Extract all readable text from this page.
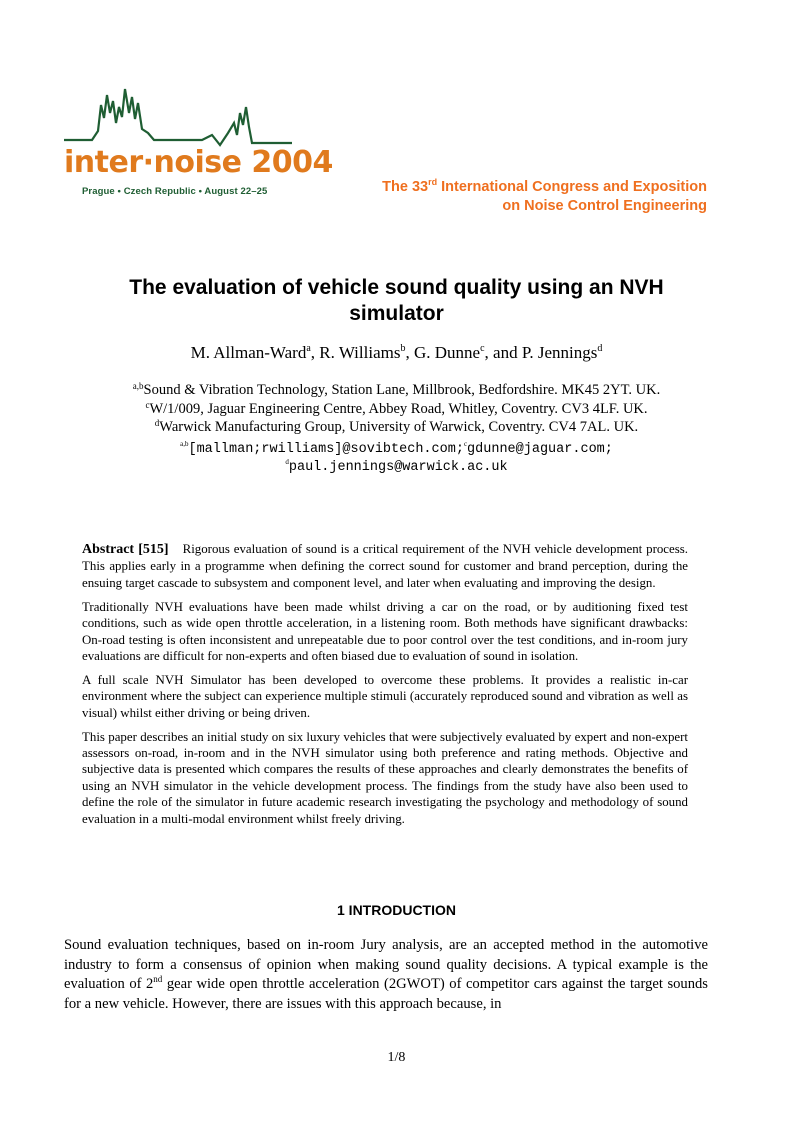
inter·noise 2004
Prague • Czech Republic • August 22–25	The 33rd International Congress and Exposition
on Noise Control Engineering
The evaluation of vehicle sound quality using an NVH
simulator
M. Allman-Ward$^a$, R. Williams$^b$, G. Dunne$^c$, and P. Jennings$^d$
$^{a,b}$Sound & Vibration Technology, Station Lane, Millbrook, Bedfordshire. MK45 2YT. UK.
$^c$W/1/009, Jaguar Engineering Centre, Abbey Road, Whitley, Coventry. CV3 4LF. UK.
$^d$Warwick Manufacturing Group, University of Warwick, Coventry. CV4 7AL. UK.
$^{a,b}$[mallman;rwilliams]@sovibtech.com;$^c$gdunne@jaguar.com;
$^d$paul.jennings@warwick.ac.uk

Abstract [515] Rigorous evaluation of sound is a critical requirement of the NVH vehicle development process. This applies early in a programme when defining the correct sound for customer and brand perception, during the ensuing target cascade to subsystem and component level, and later when evaluating and improving the design.

Traditionally NVH evaluations have been made whilst driving a car on the road, or by auditioning fixed test conditions, such as wide open throttle acceleration, in a listening room. Both methods have significant drawbacks: On-road testing is often inconsistent and unrepeatable due to poor control over the test conditions, and in-room jury evaluations are difficult for non-experts and often biased due to evaluation of sound in isolation.

A full scale NVH Simulator has been developed to overcome these problems. It provides a realistic in-car environment where the subject can experience multiple stimuli (accurately reproduced sound and vibration as well as visual) whilst either driving or being driven.

This paper describes an initial study on six luxury vehicles that were subjectively evaluated by expert and non-expert assessors on-road, in-room and in the NVH simulator using both preference and rating methods. Objective and subjective data is presented which compares the results of these approaches and clearly demonstrates the benefits of using an NVH simulator in the vehicle development process. The findings from the study have also been used to define the role of the simulator in future academic research investigating the psychology and methodology of sound evaluation in a multi-modal environment whilst freely driving.

1 INTRODUCTION

Sound evaluation techniques, based on in-room Jury analysis, are an accepted method in the automotive industry to form a consensus of opinion when making sound quality decisions. A typical example is the evaluation of 2nd gear wide open throttle acceleration (2GWOT) of competitor cars against the target sounds for a new vehicle. However, there are issues with this approach because, in

1/8
